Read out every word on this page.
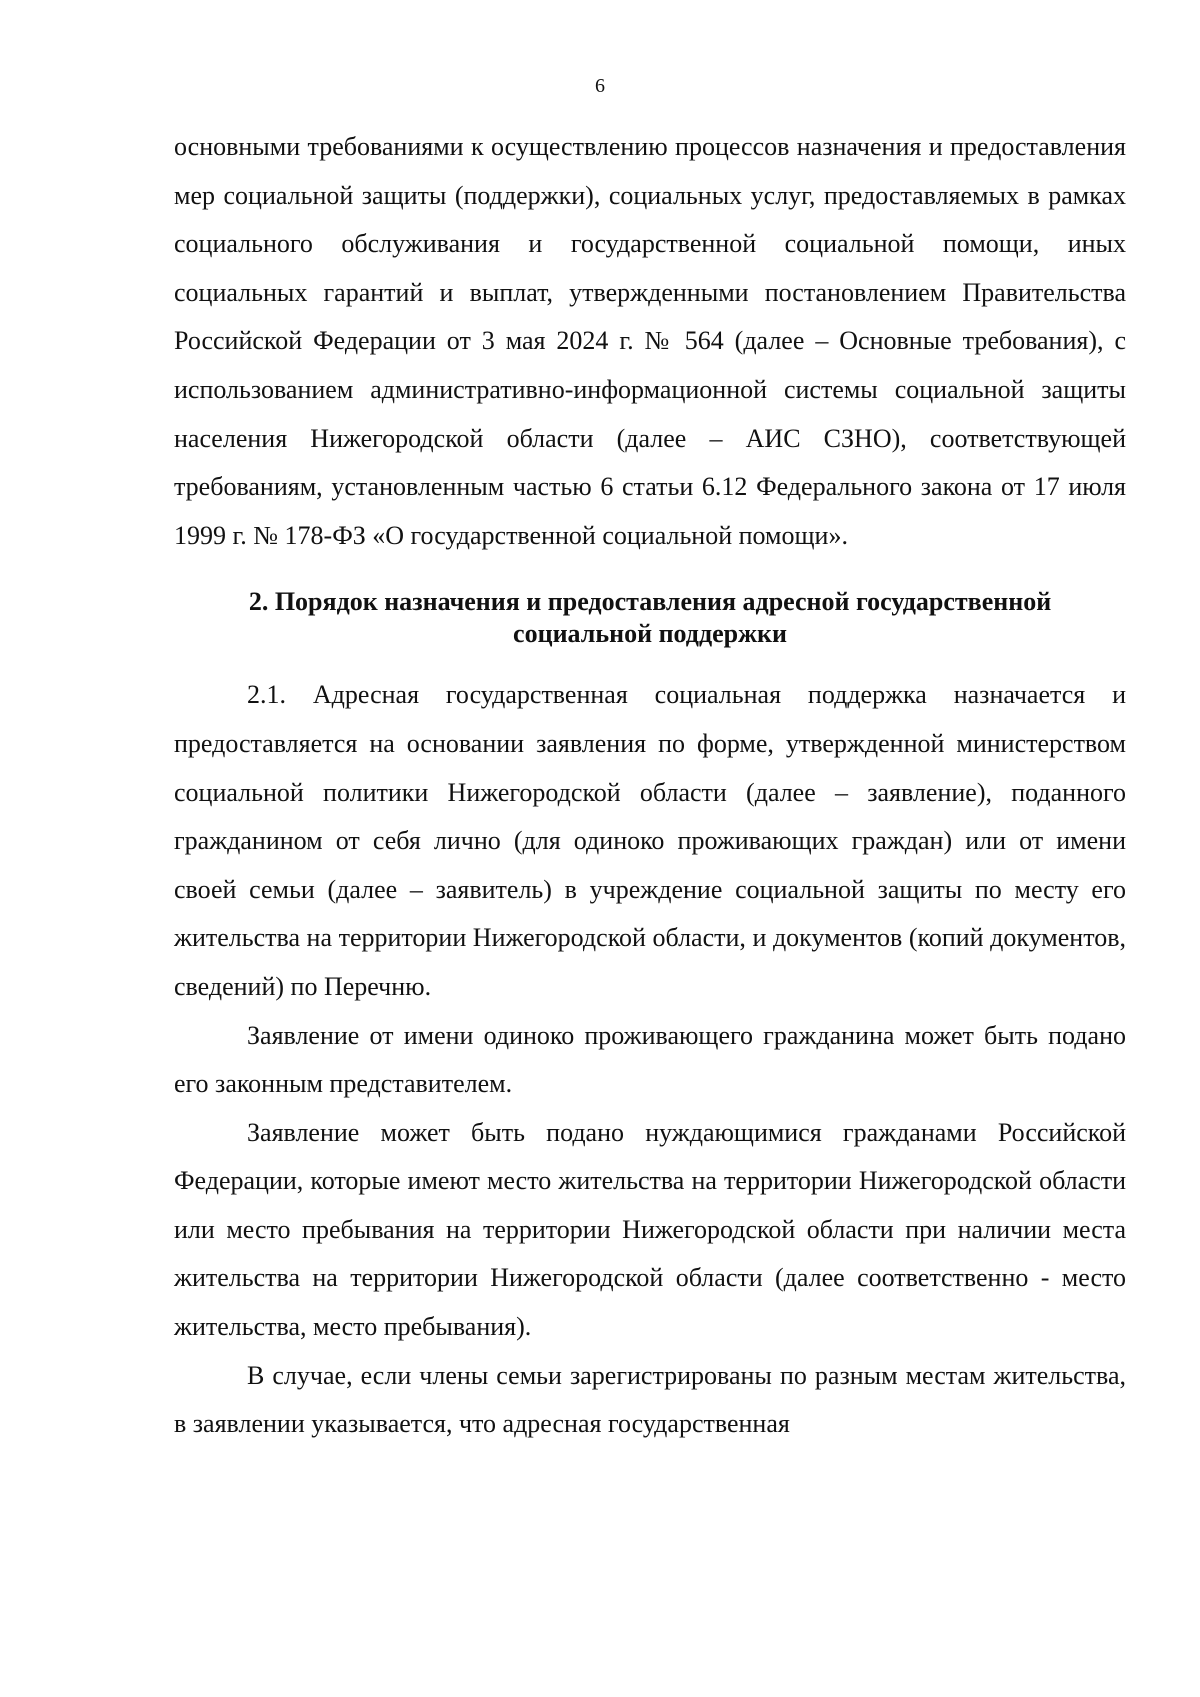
6

основными требованиями к осуществлению процессов назначения и предоставления мер социальной защиты (поддержки), социальных услуг, предоставляемых в рамках социального обслуживания и государственной социальной помощи, иных социальных гарантий и выплат, утвержденными постановлением Правительства Российской Федерации от 3 мая 2024 г. № 564 (далее – Основные требования), с использованием административно-информационной системы социальной защиты населения Нижегородской области (далее – АИС СЗНО), соответствующей требованиям, установленным частью 6 статьи 6.12 Федерального закона от 17 июля 1999 г. № 178-ФЗ «О государственной социальной помощи».

2. Порядок назначения и предоставления адресной государственной
социальной поддержки

2.1. Адресная государственная социальная поддержка назначается и предоставляется на основании заявления по форме, утвержденной министерством социальной политики Нижегородской области (далее – заявление), поданного гражданином от себя лично (для одиноко проживающих граждан) или от имени своей семьи (далее – заявитель) в учреждение социальной защиты по месту его жительства на территории Нижегородской области, и документов (копий документов, сведений) по Перечню.

Заявление от имени одиноко проживающего гражданина может быть подано его законным представителем.

Заявление может быть подано нуждающимися гражданами Российской Федерации, которые имеют место жительства на территории Нижегородской области или место пребывания на территории Нижегородской области при наличии места жительства на территории Нижегородской области (далее соответственно - место жительства, место пребывания).

В случае, если члены семьи зарегистрированы по разным местам жительства, в заявлении указывается, что адресная государственная
